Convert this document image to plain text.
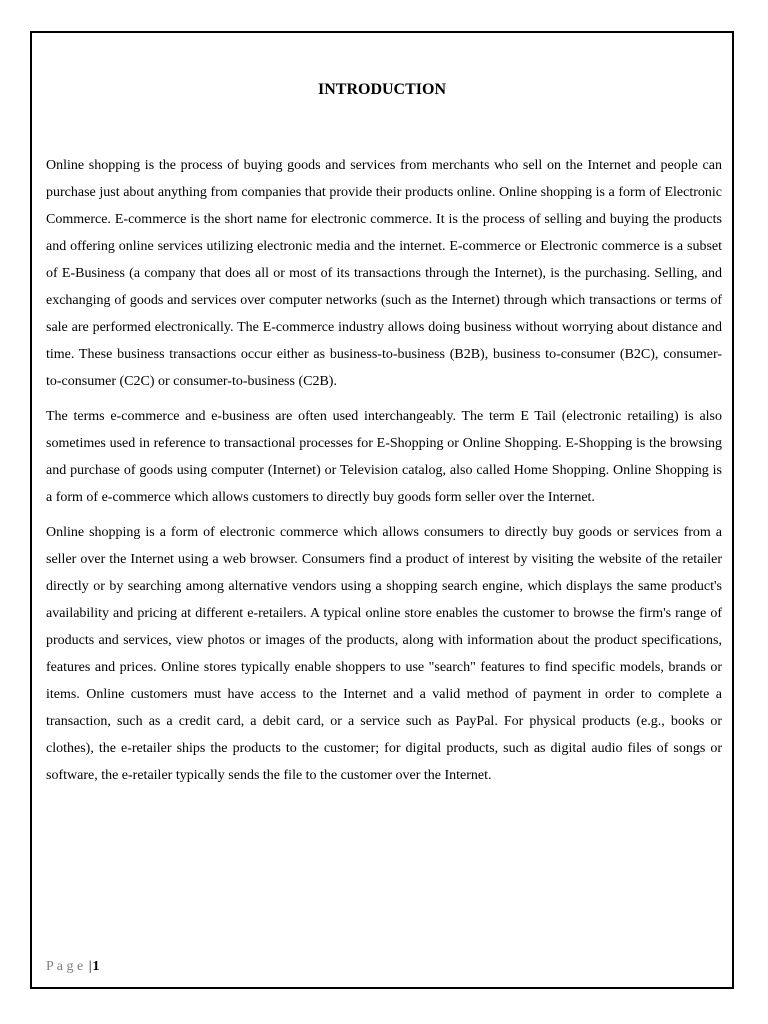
INTRODUCTION

Online shopping is the process of buying goods and services from merchants who sell on the Internet and people can purchase just about anything from companies that provide their products online. Online shopping is a form of Electronic Commerce. E-commerce is the short name for electronic commerce. It is the process of selling and buying the products and offering online services utilizing electronic media and the internet. E-commerce or Electronic commerce is a subset of E-Business (a company that does all or most of its transactions through the Internet), is the purchasing. Selling, and exchanging of goods and services over computer networks (such as the Internet) through which transactions or terms of sale are performed electronically. The E-commerce industry allows doing business without worrying about distance and time. These business transactions occur either as business-to-business (B2B), business to-consumer (B2C), consumer-to-consumer (C2C) or consumer-to-business (C2B).

The terms e-commerce and e-business are often used interchangeably. The term E Tail (electronic retailing) is also sometimes used in reference to transactional processes for E-Shopping or Online Shopping. E-Shopping is the browsing and purchase of goods using computer (Internet) or Television catalog, also called Home Shopping. Online Shopping is a form of e-commerce which allows customers to directly buy goods form seller over the Internet.

Online shopping is a form of electronic commerce which allows consumers to directly buy goods or services from a seller over the Internet using a web browser. Consumers find a product of interest by visiting the website of the retailer directly or by searching among alternative vendors using a shopping search engine, which displays the same product's availability and pricing at different e-retailers. A typical online store enables the customer to browse the firm's range of products and services, view photos or images of the products, along with information about the product specifications, features and prices. Online stores typically enable shoppers to use "search" features to find specific models, brands or items. Online customers must have access to the Internet and a valid method of payment in order to complete a transaction, such as a credit card, a debit card, or a service such as PayPal. For physical products (e.g., books or clothes), the e-retailer ships the products to the customer; for digital products, such as digital audio files of songs or software, the e-retailer typically sends the file to the customer over the Internet.

P a g e |1
